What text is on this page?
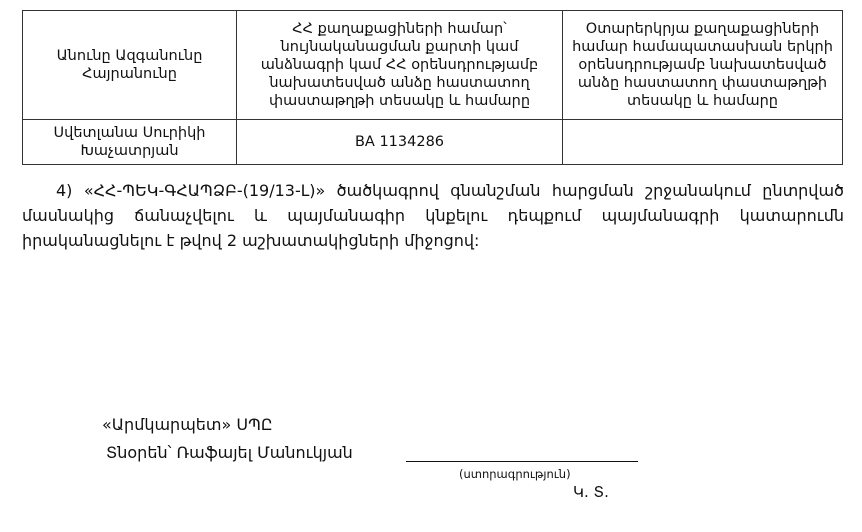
Անունը Ազգանունը Հայրանունը	ՀՀ քաղաքացիների համար՝ նույնականացման քարտի կամ անձնագրի կամ ՀՀ օրենսդրությամբ նախատեսված անձը հաստատող փաստաթղթի տեսակը և համարը	Օտարերկրյա քաղաքացիների համար համապատասխան երկրի օրենսդրությամբ նախատեսված անձը հաստատող փաստաթղթի տեսակը և համարը
Սվետլանա Սուրիկի Խաչատրյան	BA 1134286	

4) «ՀՀ-ՊԵԿ-ԳՀԱՊՁԲ-(19/13-Լ)» ծածկագրով գնանշման հարցման շրջանակում ընտրված մասնակից ճանաչվելու և պայմանագիր կնքելու դեպքում պայմանագրի կատարումն իրականացնելու է թվով 2 աշխատակիցների միջոցով:

«Արմկարպետ» ՍՊԸ
Տնօրեն՝ Ռաֆայել Մանուկյան
(ստորագրություն)
Կ. Տ.
